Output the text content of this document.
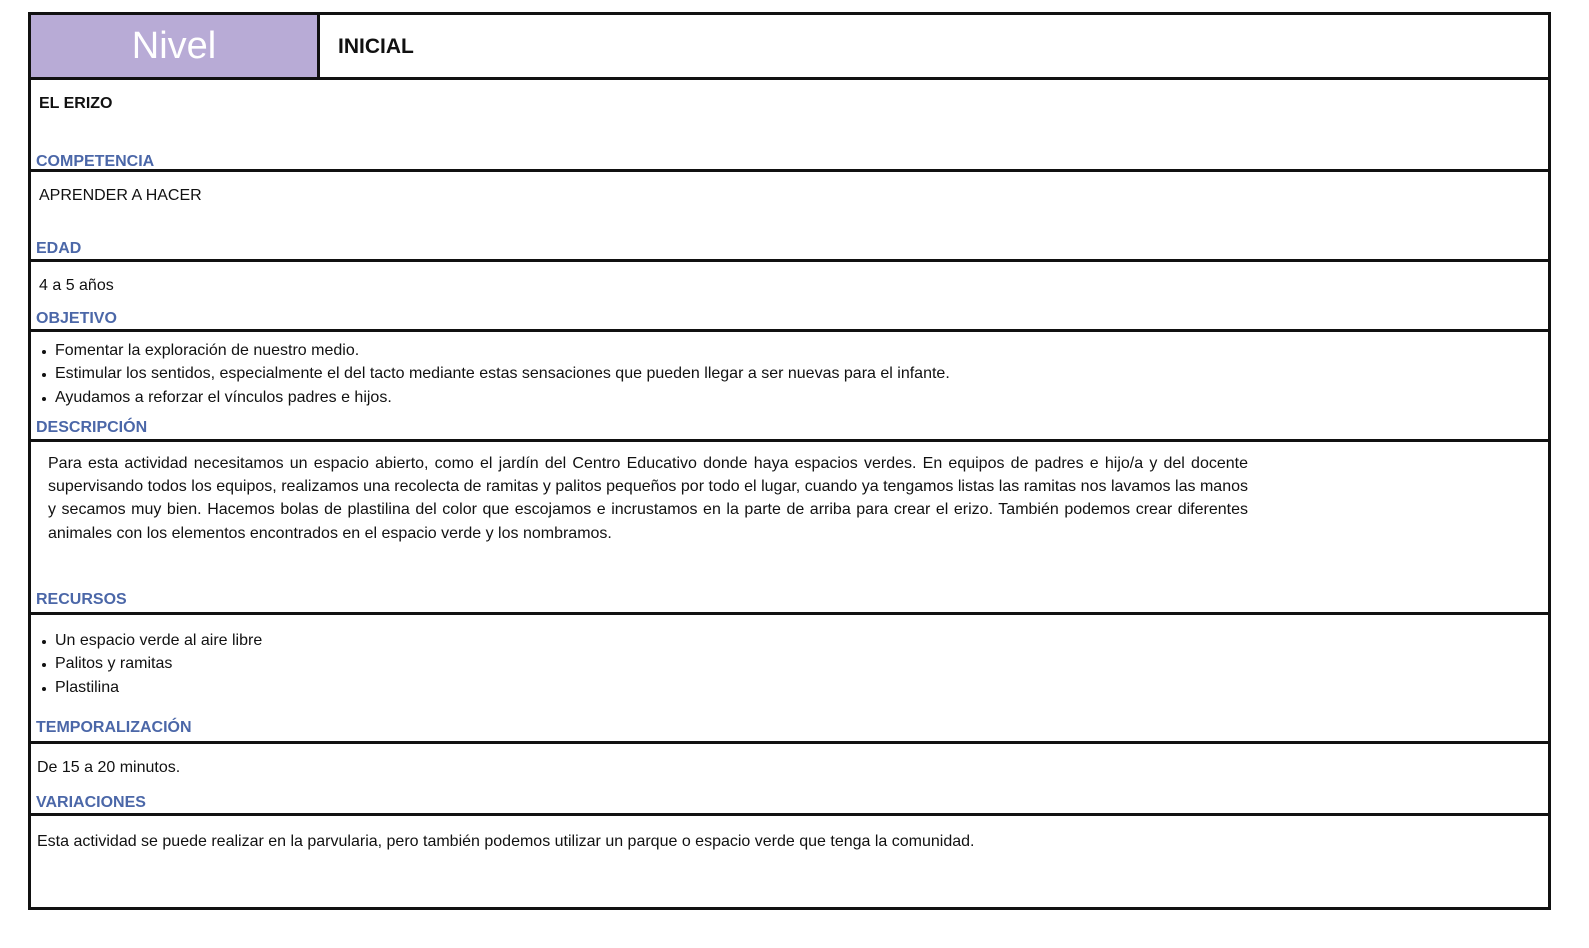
Nivel	INICIAL
EL ERIZO
COMPETENCIA
APRENDER A HACER
EDAD
4 a 5 años
OBJETIVO
Fomentar la exploración de nuestro medio.
Estimular los sentidos, especialmente el del tacto mediante estas sensaciones que pueden llegar a ser nuevas para el infante.
Ayudamos a reforzar el vínculos padres e hijos.
DESCRIPCIÓN
Para esta actividad necesitamos un espacio abierto, como el jardín del Centro Educativo donde haya espacios verdes. En equipos de padres e hijo/a y del docente supervisando todos los equipos, realizamos una recolecta de ramitas y palitos pequeños por todo el lugar, cuando ya tengamos listas las ramitas nos lavamos las manos y secamos muy bien. Hacemos bolas de plastilina del color que escojamos e incrustamos en la parte de arriba para crear el erizo. También podemos crear diferentes animales con los elementos encontrados en el espacio verde y los nombramos.
RECURSOS
Un espacio verde al aire libre
Palitos y ramitas
Plastilina
TEMPORALIZACIÓN
De 15 a 20 minutos.
VARIACIONES
Esta actividad se puede realizar en la parvularia, pero también podemos utilizar un parque o espacio verde que tenga la comunidad.
